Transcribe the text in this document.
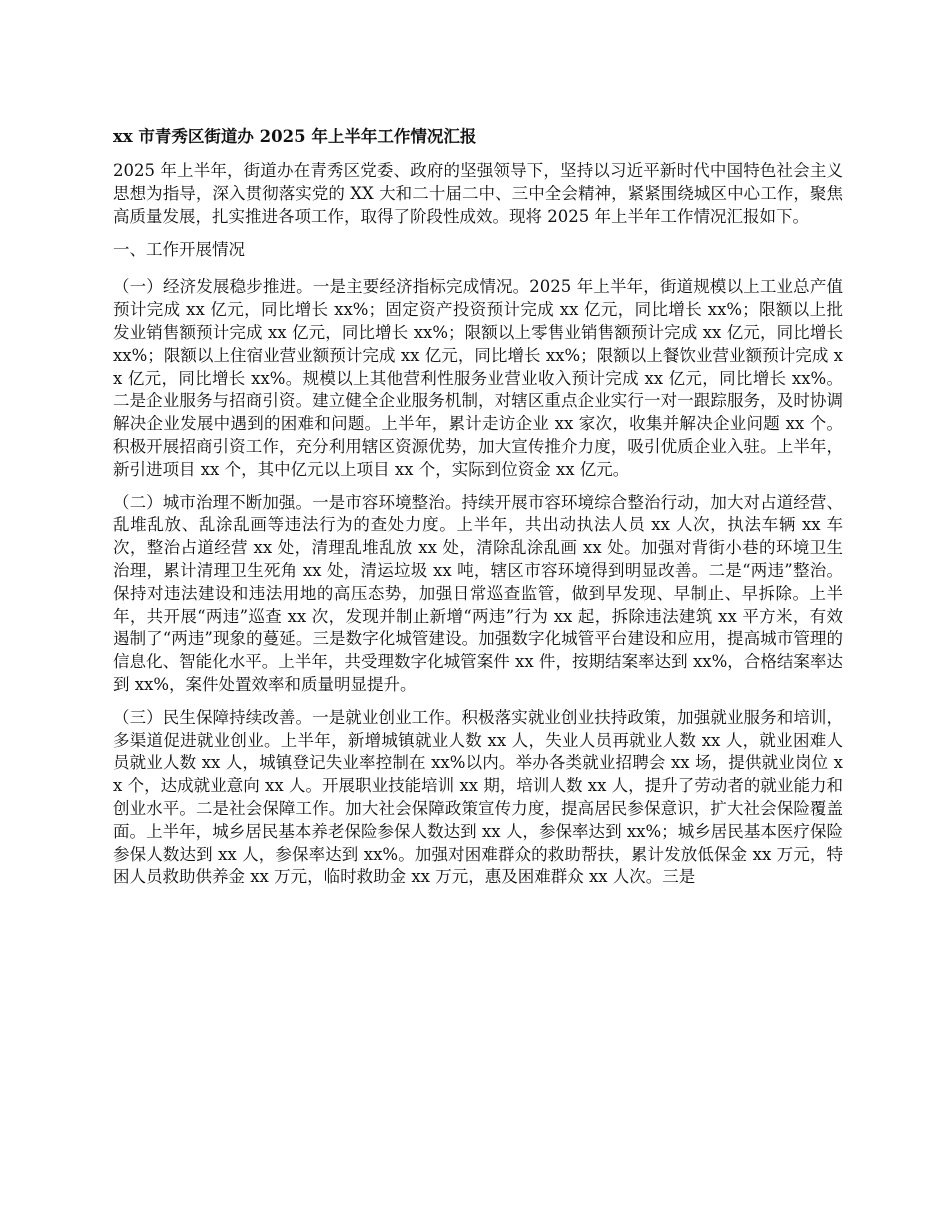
xx 市青秀区街道办 2025 年上半年工作情况汇报

2025 年上半年，街道办在青秀区党委、政府的坚强领导下，坚持以习近平新时代中国特色社会主义思想为指导，深入贯彻落实党的 XX 大和二十届二中、三中全会精神，紧紧围绕城区中心工作，聚焦高质量发展，扎实推进各项工作，取得了阶段性成效。现将 2025 年上半年工作情况汇报如下。

一、工作开展情况

（一）经济发展稳步推进。一是主要经济指标完成情况。2025 年上半年，街道规模以上工业总产值预计完成 xx 亿元，同比增长 xx%；固定资产投资预计完成 xx 亿元，同比增长 xx%；限额以上批发业销售额预计完成 xx 亿元，同比增长 xx%；限额以上零售业销售额预计完成 xx 亿元，同比增长 xx%；限额以上住宿业营业额预计完成 xx 亿元，同比增长 xx%；限额以上餐饮业营业额预计完成 xx 亿元，同比增长 xx%。规模以上其他营利性服务业营业收入预计完成 xx 亿元，同比增长 xx%。二是企业服务与招商引资。建立健全企业服务机制，对辖区重点企业实行一对一跟踪服务，及时协调解决企业发展中遇到的困难和问题。上半年，累计走访企业 xx 家次，收集并解决企业问题 xx 个。积极开展招商引资工作，充分利用辖区资源优势，加大宣传推介力度，吸引优质企业入驻。上半年，新引进项目 xx 个，其中亿元以上项目 xx 个，实际到位资金 xx 亿元。

（二）城市治理不断加强。一是市容环境整治。持续开展市容环境综合整治行动，加大对占道经营、乱堆乱放、乱涂乱画等违法行为的查处力度。上半年，共出动执法人员 xx 人次，执法车辆 xx 车次，整治占道经营 xx 处，清理乱堆乱放 xx 处，清除乱涂乱画 xx 处。加强对背街小巷的环境卫生治理，累计清理卫生死角 xx 处，清运垃圾 xx 吨，辖区市容环境得到明显改善。二是“两违”整治。保持对违法建设和违法用地的高压态势，加强日常巡查监管，做到早发现、早制止、早拆除。上半年，共开展“两违”巡查 xx 次，发现并制止新增“两违”行为 xx 起，拆除违法建筑 xx 平方米，有效遏制了“两违”现象的蔓延。三是数字化城管建设。加强数字化城管平台建设和应用，提高城市管理的信息化、智能化水平。上半年，共受理数字化城管案件 xx 件，按期结案率达到 xx%，合格结案率达到 xx%，案件处置效率和质量明显提升。

（三）民生保障持续改善。一是就业创业工作。积极落实就业创业扶持政策，加强就业服务和培训，多渠道促进就业创业。上半年，新增城镇就业人数 xx 人，失业人员再就业人数 xx 人，就业困难人员就业人数 xx 人，城镇登记失业率控制在 xx%以内。举办各类就业招聘会 xx 场，提供就业岗位 xx 个，达成就业意向 xx 人。开展职业技能培训 xx 期，培训人数 xx 人，提升了劳动者的就业能力和创业水平。二是社会保障工作。加大社会保障政策宣传力度，提高居民参保意识，扩大社会保险覆盖面。上半年，城乡居民基本养老保险参保人数达到 xx 人，参保率达到 xx%；城乡居民基本医疗保险参保人数达到 xx 人，参保率达到 xx%。加强对困难群众的救助帮扶，累计发放低保金 xx 万元，特困人员救助供养金 xx 万元，临时救助金 xx 万元，惠及困难群众 xx 人次。三是
